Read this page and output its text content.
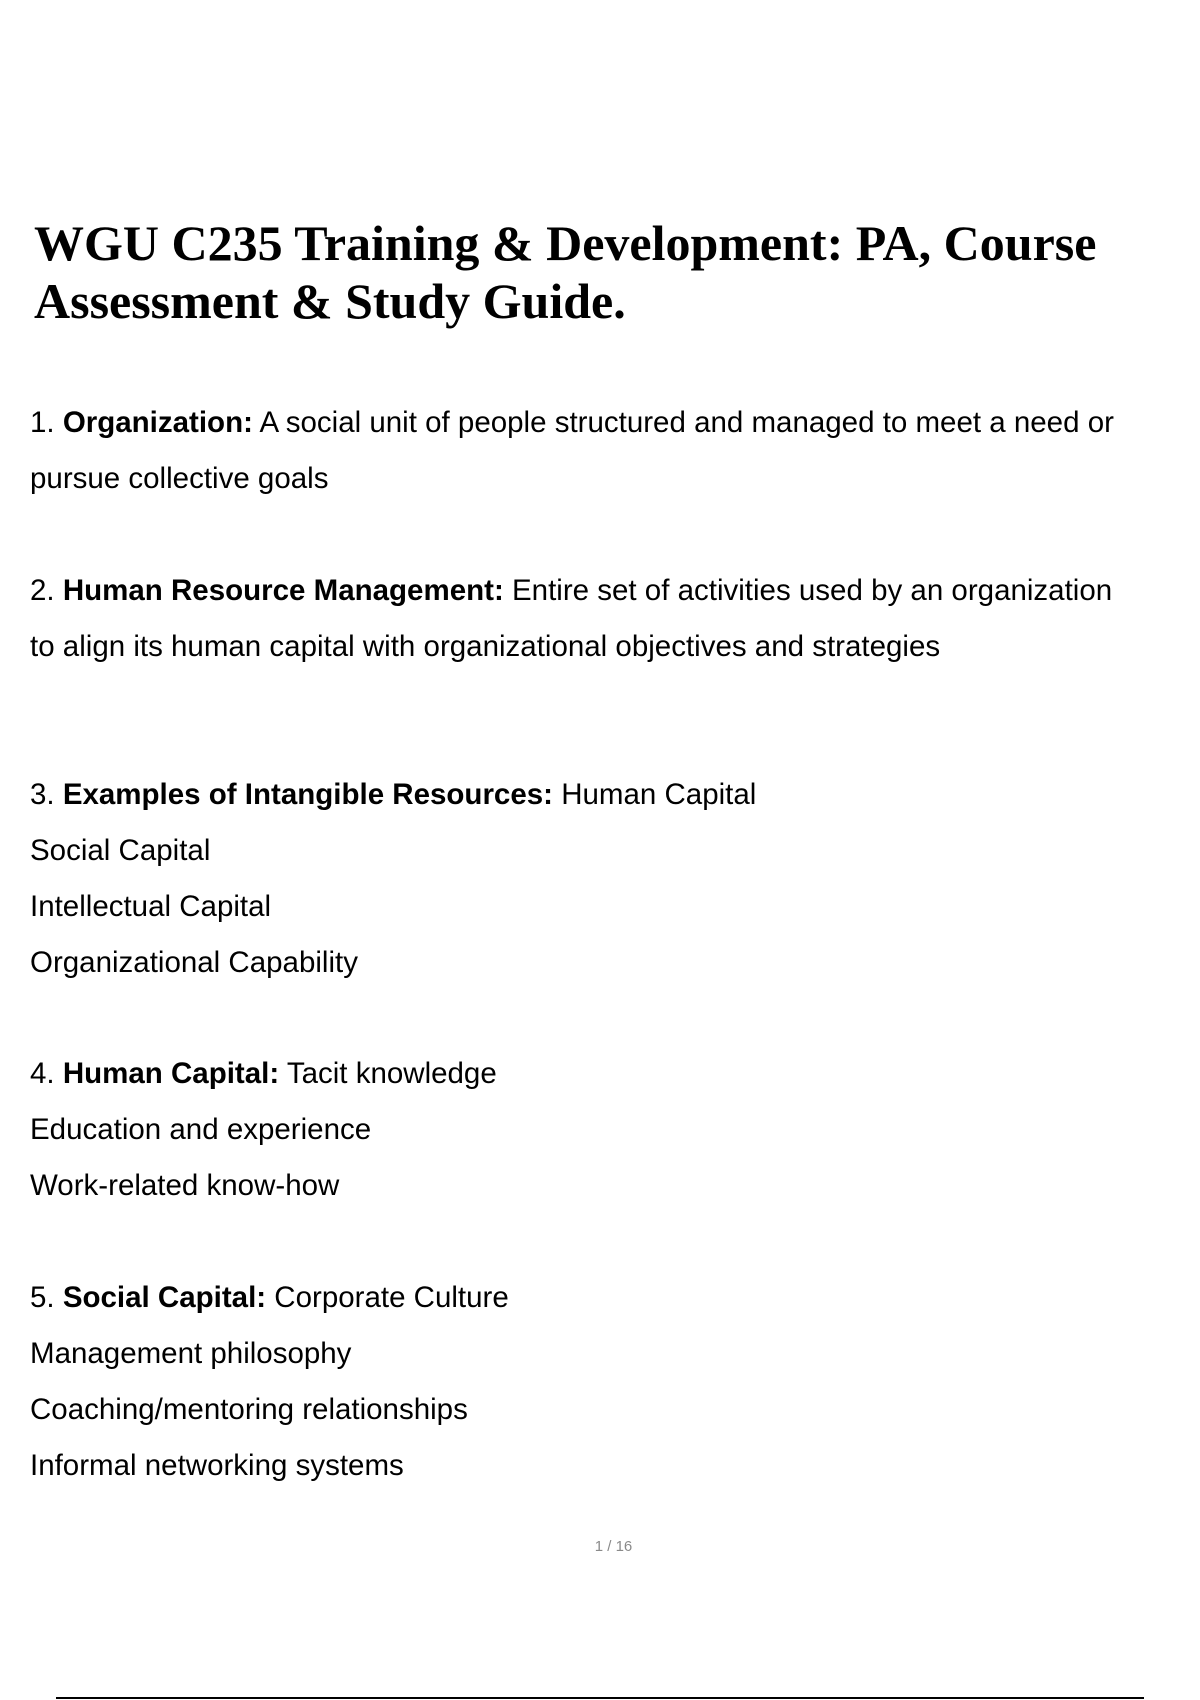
WGU C235 Training & Development: PA, Course Assessment & Study Guide.
1. Organization: A social unit of people structured and managed to meet a need or
pursue collective goals
2. Human Resource Management: Entire set of activities used by an organization
to align its human capital with organizational objectives and strategies
3. Examples of Intangible Resources: Human Capital
Social Capital
Intellectual Capital
Organizational Capability
4. Human Capital: Tacit knowledge
Education and experience
Work-related know-how
5. Social Capital: Corporate Culture
Management philosophy
Coaching/mentoring relationships
Informal networking systems
1 / 16
